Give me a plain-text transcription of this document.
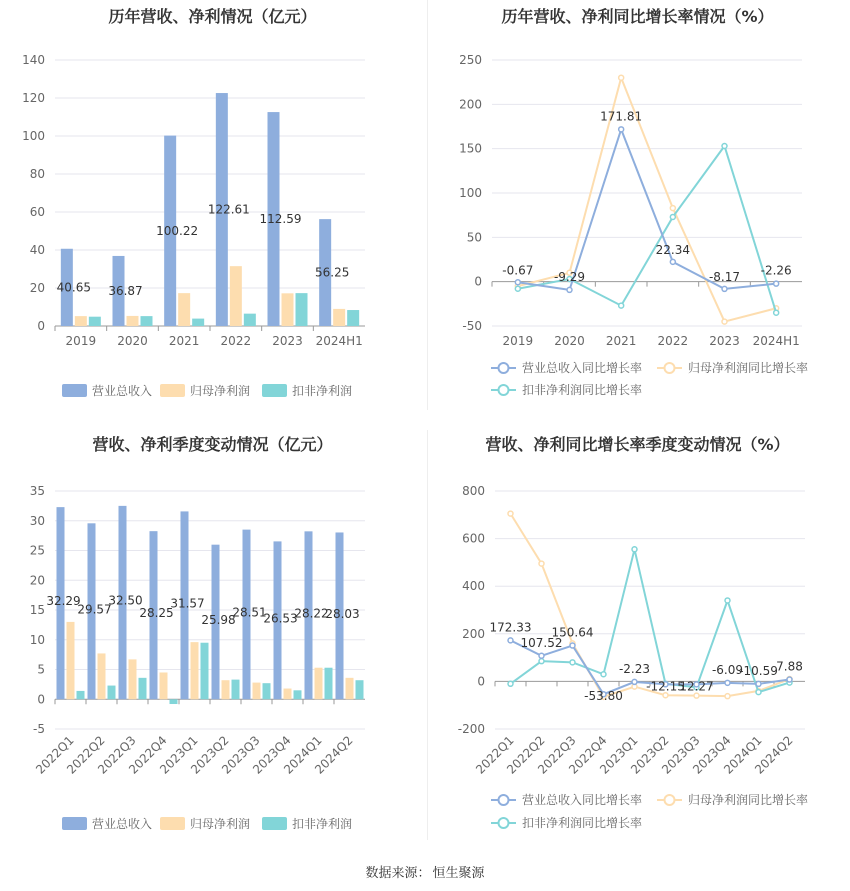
历年营收、净利情况（亿元）
0
20
40
60
80
100
120
140
2019 2020 2021 2022 2023 2024H1
40.65 36.87
100.22
122.61
112.59
56.25
营业总收入	归母净利润	扣非净利润
历年营收、净利同比增长率情况（%）
-50
0
50
100
150
200
250
2019 2020 2021 2022 2023 2024H1
-0.67 -9.29
171.81
22.34
-8.17 -2.26
营业总收入同比增长率	归母净利润同比增长率
扣非净利润同比增长率
营收、净利季度变动情况（亿元）
-5
0
5
10
15
20
25
30
35
2022Q1
2022Q2
2022Q3
2022Q4
2023Q1
2023Q2
2023Q3
2023Q4
2024Q1
2024Q2
32.29
29.57
32.50
28.25
31.57
25.98
28.51
26.53
28.22
28.03
营业总收入	归母净利润	扣非净利润
营收、净利同比增长率季度变动情况（%）
-200
0
200
400
600
800
2022Q1
2022Q2
2022Q3
2022Q4
2023Q1
2023Q2
2023Q3
2023Q4
2024Q1
2024Q2
172.33
107.52
150.64
-53.80
-2.23
-12.15
12.27
-6.09
-10.59
7.88
营业总收入同比增长率	归母净利润同比增长率
扣非净利润同比增长率
数据来源： 恒生聚源
